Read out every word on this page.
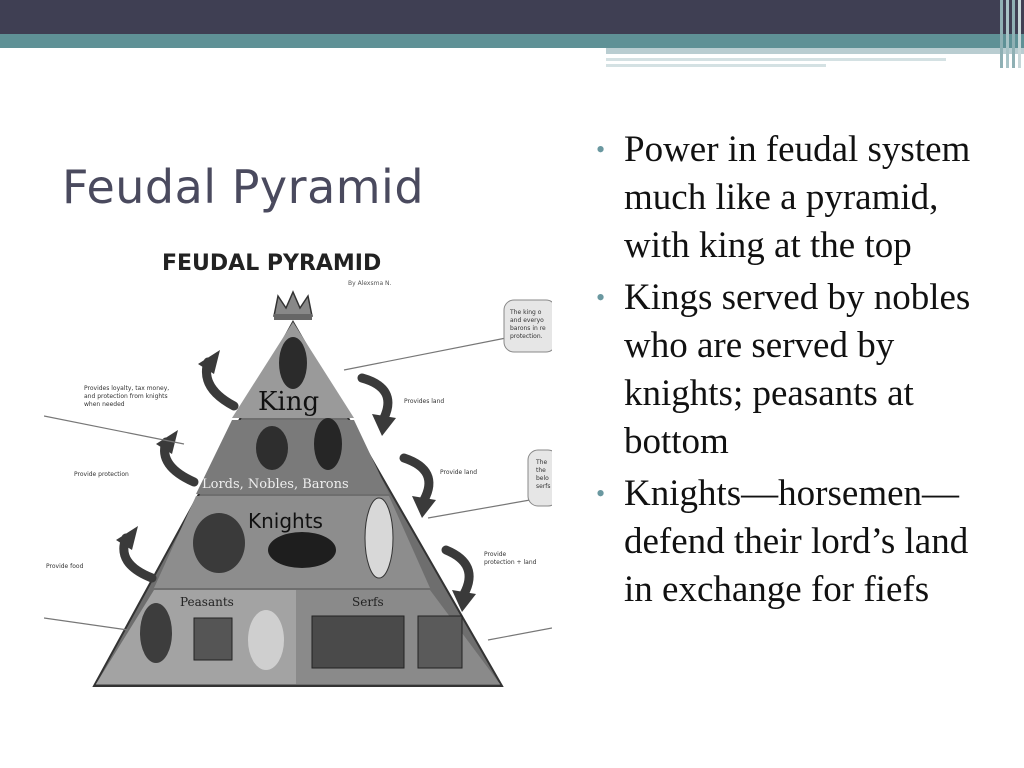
Feudal Pyramid
FEUDAL PYRAMID
By Alexsma N.
King
Lords, Nobles, Barons
Knights
Peasants	Serfs
Provides loyalty, tax money,
and protection from knights
when needed
Provide protection
Provide food
Provides land
Provide land
Provide
protection + land
The king o
and everyo
barons in re
protection.
The
the
belo
serfs
• Power in feudal system much like a pyramid, with king at the top
• Kings served by nobles who are served by knights; peasants at bottom
• Knights—horsemen—defend their lord’s land in exchange for fiefs
